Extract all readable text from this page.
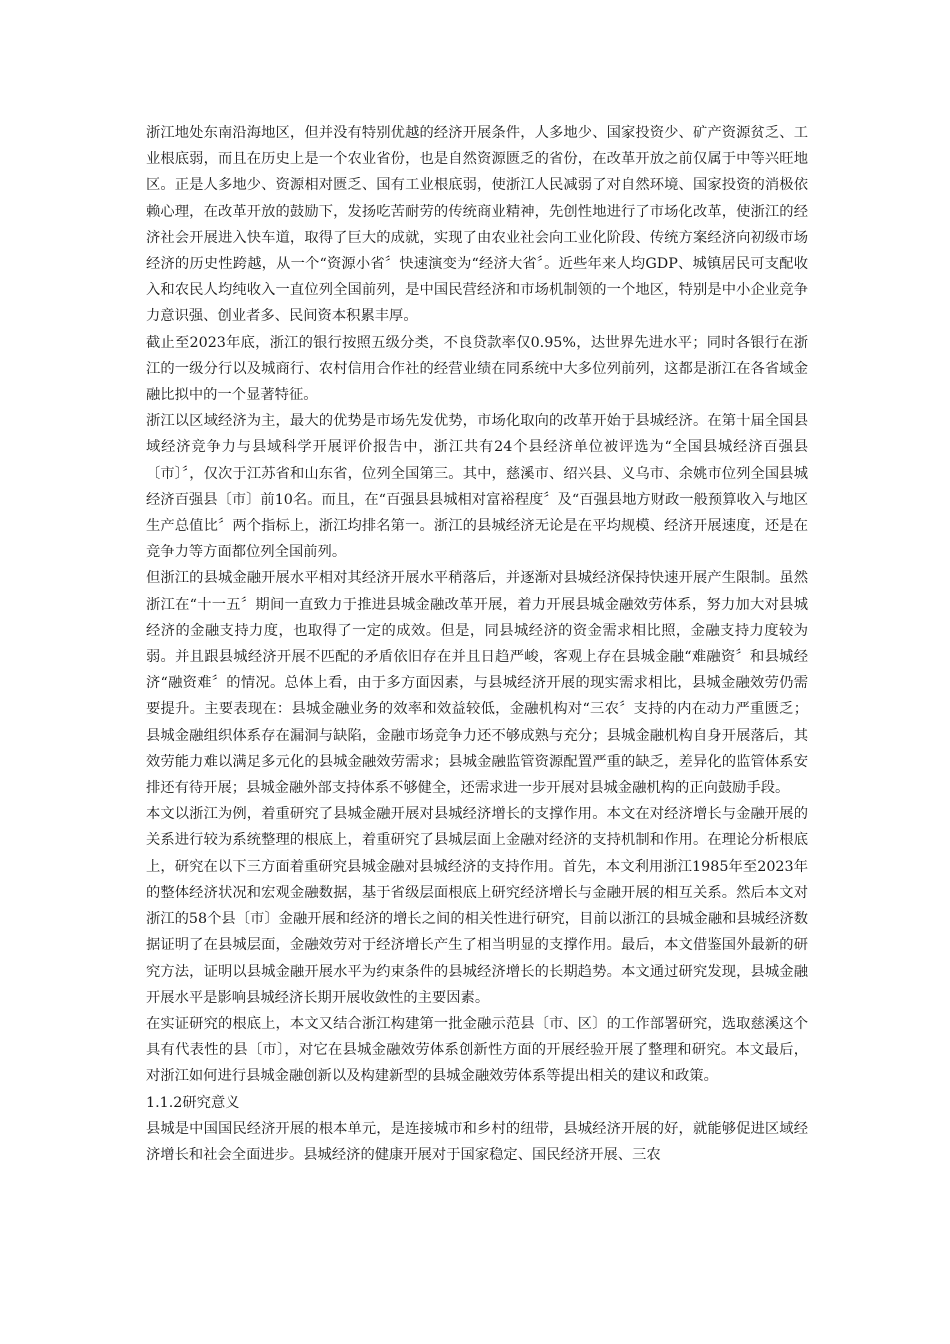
浙江地处东南沿海地区，但并没有特别优越的经济开展条件，人多地少、国家投资少、矿产资源贫乏、工业根底弱，而且在历史上是一个农业省份，也是自然资源匮乏的省份，在改革开放之前仅属于中等兴旺地区。正是人多地少、资源相对匮乏、国有工业根底弱，使浙江人民减弱了对自然环境、国家投资的消极依赖心理，在改革开放的鼓励下，发扬吃苦耐劳的传统商业精神，先创性地进行了市场化改革，使浙江的经济社会开展进入快车道，取得了巨大的成就，实现了由农业社会向工业化阶段、传统方案经济向初级市场经济的历史性跨越，从一个“资源小省〞快速演变为“经济大省〞。近些年来人均GDP、城镇居民可支配收入和农民人均纯收入一直位列全国前列，是中国民营经济和市场机制领的一个地区，特别是中小企业竞争力意识强、创业者多、民间资本积累丰厚。

截止至2023年底，浙江的银行按照五级分类，不良贷款率仅0.95%，达世界先进水平；同时各银行在浙江的一级分行以及城商行、农村信用合作社的经营业绩在同系统中大多位列前列，这都是浙江在各省域金融比拟中的一个显著特征。

浙江以区域经济为主，最大的优势是市场先发优势，市场化取向的改革开始于县城经济。在第十届全国县域经济竞争力与县域科学开展评价报告中，浙江共有24个县经济单位被评选为“全国县城经济百强县〔市〕〞，仅次于江苏省和山东省，位列全国第三。其中，慈溪市、绍兴县、义乌市、余姚市位列全国县城经济百强县〔市〕前10名。而且，在“百强县县城相对富裕程度〞及“百强县地方财政一般预算收入与地区生产总值比〞两个指标上，浙江均排名第一。浙江的县城经济无论是在平均规模、经济开展速度，还是在竞争力等方面都位列全国前列。

但浙江的县城金融开展水平相对其经济开展水平稍落后，并逐渐对县城经济保持快速开展产生限制。虽然浙江在“十一五〞期间一直致力于推进县城金融改革开展，着力开展县城金融效劳体系，努力加大对县城经济的金融支持力度，也取得了一定的成效。但是，同县城经济的资金需求相比照，金融支持力度较为弱。并且跟县城经济开展不匹配的矛盾依旧存在并且日趋严峻，客观上存在县城金融“难融资〞和县城经济“融资难〞的情况。总体上看，由于多方面因素，与县城经济开展的现实需求相比，县城金融效劳仍需要提升。主要表现在：县城金融业务的效率和效益较低，金融机构对“三农〞支持的内在动力严重匮乏；县城金融组织体系存在漏洞与缺陷，金融市场竞争力还不够成熟与充分；县城金融机构自身开展落后，其效劳能力难以满足多元化的县城金融效劳需求；县城金融监管资源配置严重的缺乏，差异化的监管体系安排还有待开展；县城金融外部支持体系不够健全，还需求进一步开展对县城金融机构的正向鼓励手段。

本文以浙江为例，着重研究了县城金融开展对县城经济增长的支撑作用。本文在对经济增长与金融开展的关系进行较为系统整理的根底上，着重研究了县城层面上金融对经济的支持机制和作用。在理论分析根底上，研究在以下三方面着重研究县城金融对县城经济的支持作用。首先，本文利用浙江1985年至2023年的整体经济状况和宏观金融数据，基于省级层面根底上研究经济增长与金融开展的相互关系。然后本文对浙江的58个县〔市〕金融开展和经济的增长之间的相关性进行研究，目前以浙江的县城金融和县城经济数据证明了在县城层面，金融效劳对于经济增长产生了相当明显的支撑作用。最后，本文借鉴国外最新的研究方法，证明以县城金融开展水平为约束条件的县城经济增长的长期趋势。本文通过研究发现，县城金融开展水平是影响县城经济长期开展收敛性的主要因素。

在实证研究的根底上，本文又结合浙江构建第一批金融示范县〔市、区〕的工作部署研究，选取慈溪这个具有代表性的县〔市〕，对它在县城金融效劳体系创新性方面的开展经验开展了整理和研究。本文最后，对浙江如何进行县城金融创新以及构建新型的县城金融效劳体系等提出相关的建议和政策。

1.1.2研究意义

县城是中国国民经济开展的根本单元，是连接城市和乡村的纽带，县城经济开展的好，就能够促进区域经济增长和社会全面进步。县城经济的健康开展对于国家稳定、国民经济开展、三农
